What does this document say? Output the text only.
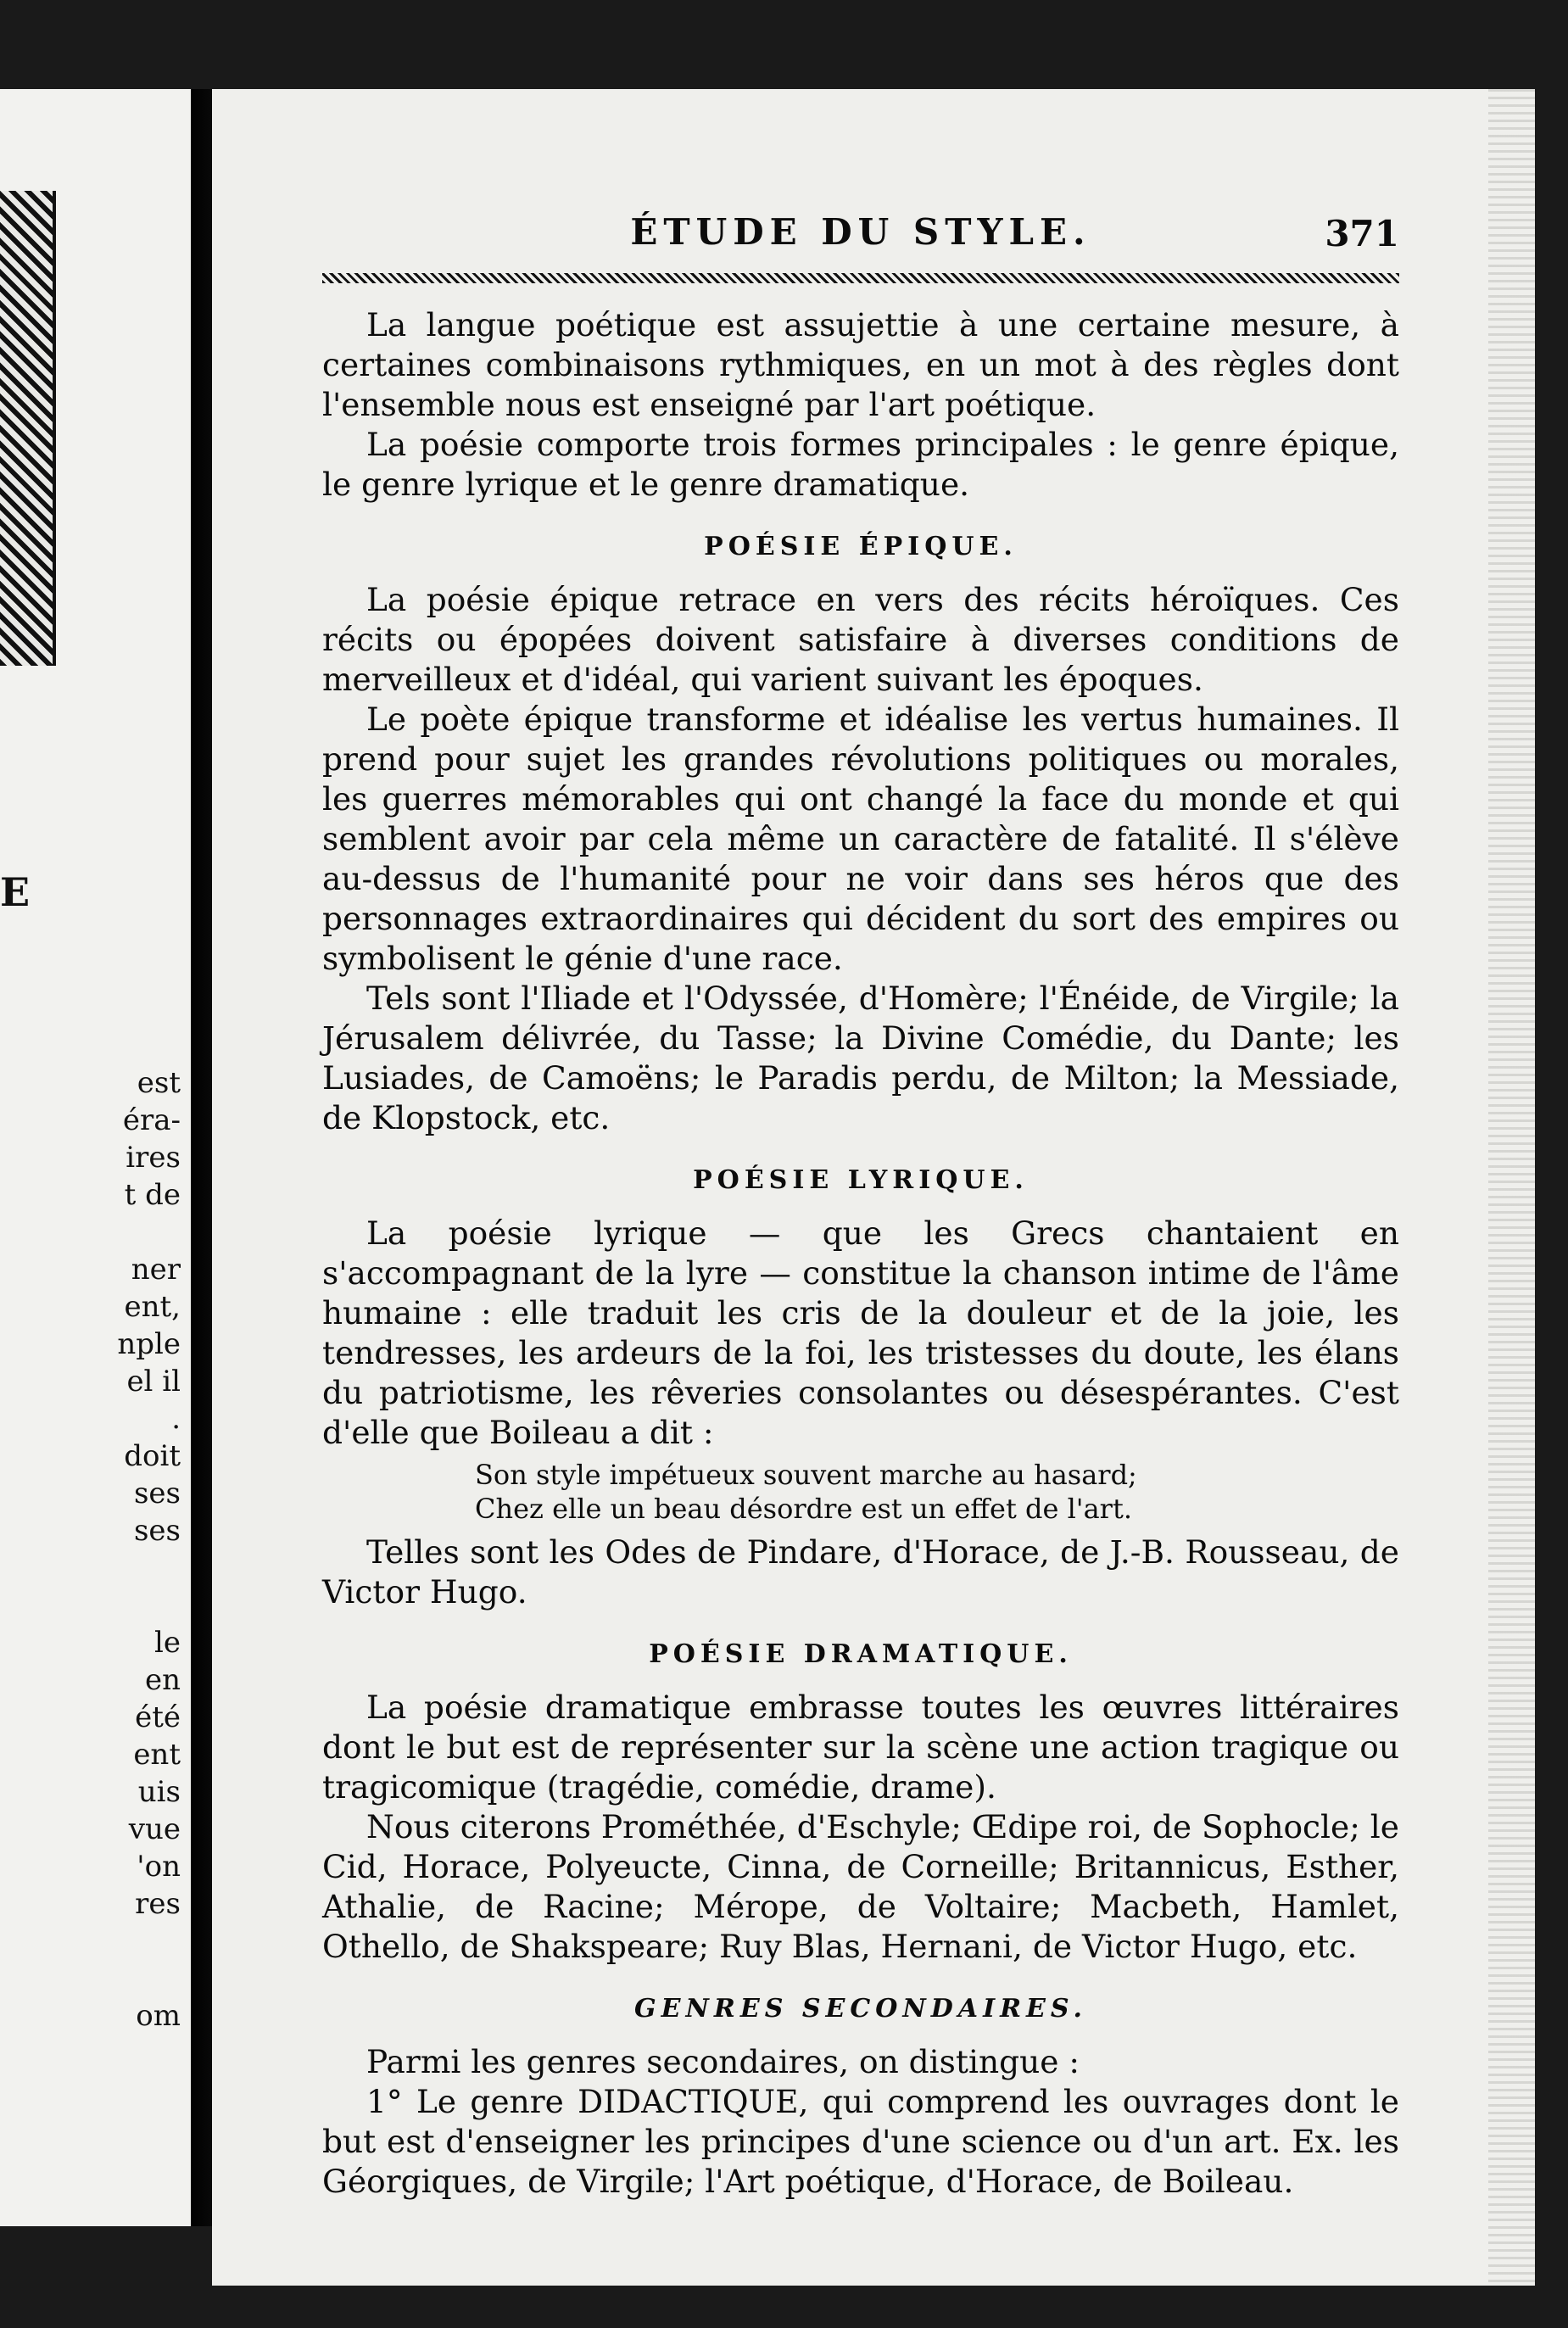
E
est
éra-
ires
t de
ner
ent,
nple
el il
.
doit
ses
ses
le
en
été
ent
uis
vue
'on
res
om
ÉTUDE DU STYLE.	371

La langue poétique est assujettie à une certaine mesure, à certaines combinaisons rythmiques, en un mot à des règles dont l'ensemble nous est enseigné par l'art poétique.

La poésie comporte trois formes principales : le genre épique, le genre lyrique et le genre dramatique.

POÉSIE ÉPIQUE.

La poésie épique retrace en vers des récits héroïques. Ces récits ou épopées doivent satisfaire à diverses conditions de merveilleux et d'idéal, qui varient suivant les époques.

Le poète épique transforme et idéalise les vertus humaines. Il prend pour sujet les grandes révolutions politiques ou morales, les guerres mémorables qui ont changé la face du monde et qui semblent avoir par cela même un caractère de fatalité. Il s'élève au-dessus de l'humanité pour ne voir dans ses héros que des personnages extraordinaires qui décident du sort des empires ou symbolisent le génie d'une race.

Tels sont l'Iliade et l'Odyssée, d'Homère; l'Énéide, de Virgile; la Jérusalem délivrée, du Tasse; la Divine Comédie, du Dante; les Lusiades, de Camoëns; le Paradis perdu, de Milton; la Messiade, de Klopstock, etc.

POÉSIE LYRIQUE.

La poésie lyrique — que les Grecs chantaient en s'accompagnant de la lyre — constitue la chanson intime de l'âme humaine : elle traduit les cris de la douleur et de la joie, les tendresses, les ardeurs de la foi, les tristesses du doute, les élans du patriotisme, les rêveries consolantes ou désespérantes. C'est d'elle que Boileau a dit :

Son style impétueux souvent marche au hasard;
Chez elle un beau désordre est un effet de l'art.

Telles sont les Odes de Pindare, d'Horace, de J.-B. Rousseau, de Victor Hugo.

POÉSIE DRAMATIQUE.

La poésie dramatique embrasse toutes les œuvres littéraires dont le but est de représenter sur la scène une action tragique ou tragicomique (tragédie, comédie, drame).

Nous citerons Prométhée, d'Eschyle; Œdipe roi, de Sophocle; le Cid, Horace, Polyeucte, Cinna, de Corneille; Britannicus, Esther, Athalie, de Racine; Mérope, de Voltaire; Macbeth, Hamlet, Othello, de Shakspeare; Ruy Blas, Hernani, de Victor Hugo, etc.

GENRES SECONDAIRES.

Parmi les genres secondaires, on distingue :

1° Le genre DIDACTIQUE, qui comprend les ouvrages dont le but est d'enseigner les principes d'une science ou d'un art. Ex. les Géorgiques, de Virgile; l'Art poétique, d'Horace, de Boileau.
